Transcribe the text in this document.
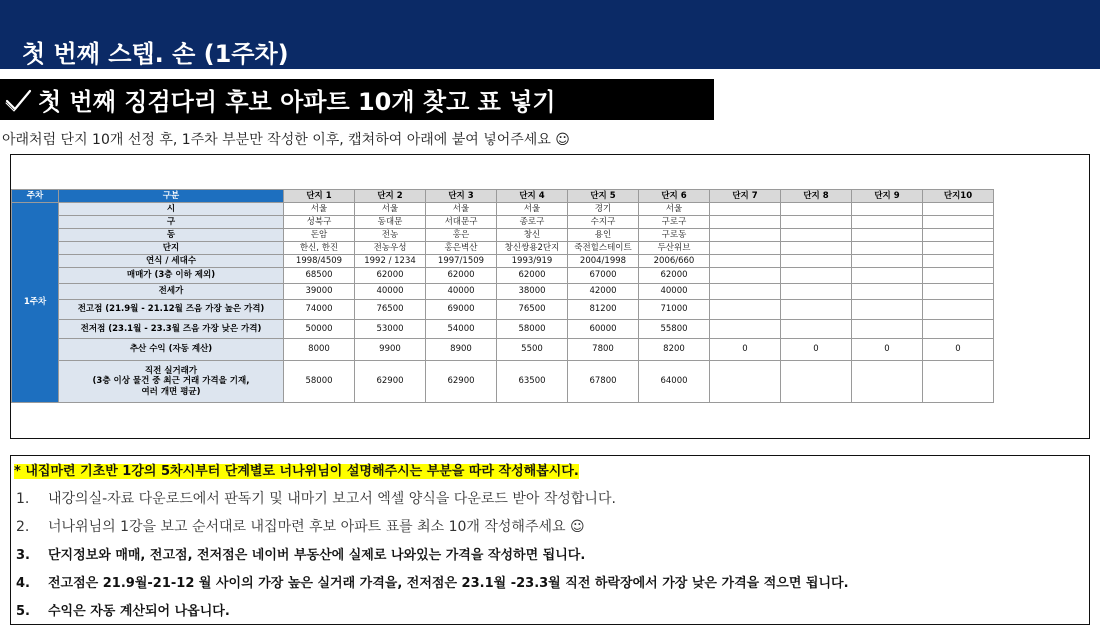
첫 번째 스텝. 손 (1주차)
첫 번째 징검다리 후보 아파트 10개 찾고 표 넣기
아래처럼 단지 10개 선정 후, 1주차 부분만 작성한 이후, 캡쳐하여 아래에 붙여 넣어주세요 ☺
주차	구분	단지 1	단지 2	단지 3	단지 4	단지 5	단지 6	단지 7	단지 8	단지 9	단지10
1주차	시	서울	서울	서울	서울	경기	서울				
	구	성북구	동대문	서대문구	종로구	수지구	구로구				
	동	돈암	전농	홍은	창신	용인	구로동				
	단지	한신, 한진	전농우성	홍은벽산	창신쌍용2단지	죽전힐스테이트	두산위브				
	연식 / 세대수	1998/4509	1992 / 1234	1997/1509	1993/919	2004/1998	2006/660				
	매매가 (3층 이하 제외)	68500	62000	62000	62000	67000	62000				
	전세가	39000	40000	40000	38000	42000	40000				
	전고점 (21.9월 - 21.12월 즈음 가장 높은 가격)	74000	76500	69000	76500	81200	71000				
	전저점 (23.1월 - 23.3월 즈음 가장 낮은 가격)	50000	53000	54000	58000	60000	55800				
	추산 수익 (자동 계산)	8000	9900	8900	5500	7800	8200	0	0	0	0

	직전 실거래가
(3층 이상 물건 중 최근 거래 가격을 기재,
여러 개면 평균)	58000	62900	62900	63500	67800	64000				
* 내집마련 기초반 1강의 5차시부터 단계별로 너나위님이 설명해주시는 부분을 따라 작성해봅시다.
1. 내강의실-자료 다운로드에서 판독기 및 내마기 보고서 엑셀 양식을 다운로드 받아 작성합니다.
2. 너나위님의 1강을 보고 순서대로 내집마련 후보 아파트 표를 최소 10개 작성해주세요 ☺
3. 단지정보와 매매, 전고점, 전저점은 네이버 부동산에 실제로 나와있는 가격을 작성하면 됩니다.
4. 전고점은 21.9월-21-12 월 사이의 가장 높은 실거래 가격을, 전저점은 23.1월 -23.3월 직전 하락장에서 가장 낮은 가격을 적으면 됩니다.
5. 수익은 자동 계산되어 나옵니다.
